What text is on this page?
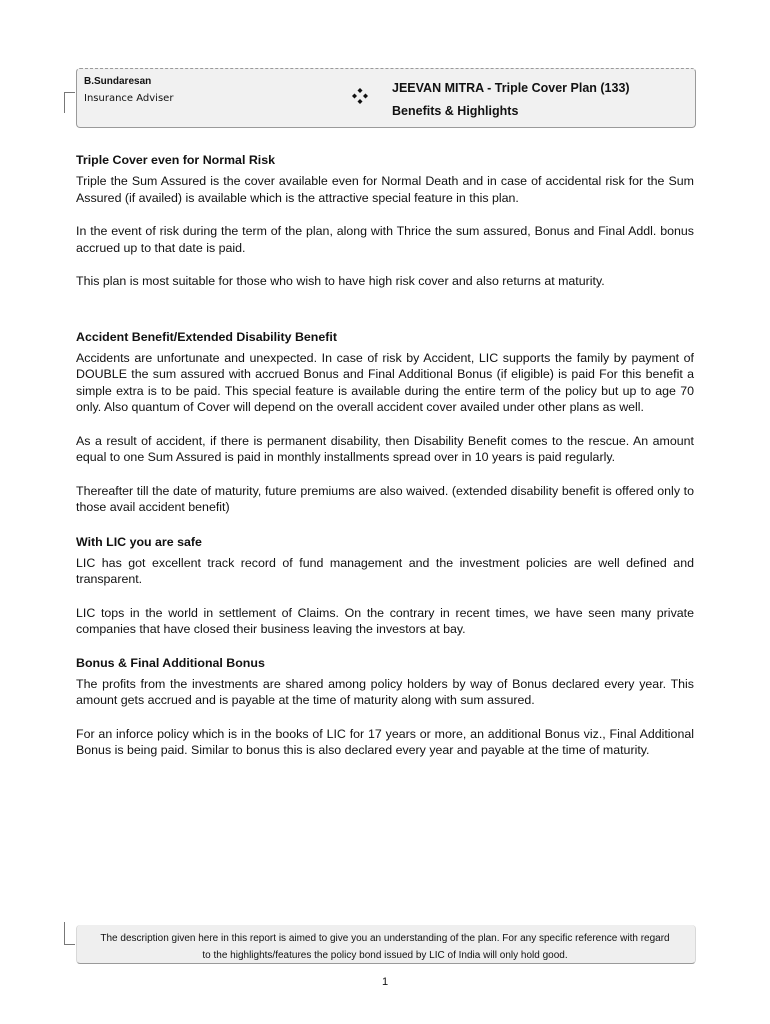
B.Sundaresan
Insurance Adviser
JEEVAN MITRA - Triple Cover Plan (133)
Benefits & Highlights
Triple Cover even for Normal Risk

Triple the Sum Assured is the cover available even for Normal Death and in case of accidental risk for the Sum Assured (if availed) is available which is the attractive special feature in this plan.

In the event of risk during the term of the plan, along with Thrice the sum assured, Bonus and Final Addl. bonus accrued up to that date is paid.

This plan is most suitable for those who wish to have high risk cover and also returns at maturity.

Accident Benefit/Extended Disability Benefit

Accidents are unfortunate and unexpected. In case of risk by Accident, LIC supports the family by payment of DOUBLE the sum assured with accrued Bonus and Final Additional Bonus (if eligible) is paid For this benefit a simple extra is to be paid. This special feature is available during the entire term of the policy but up to age 70 only. Also quantum of Cover will depend on the overall accident cover availed under other plans as well.

As a result of accident, if there is permanent disability, then Disability Benefit comes to the rescue. An amount equal to one Sum Assured is paid in monthly installments spread over in 10 years is paid regularly.

Thereafter till the date of maturity, future premiums are also waived. (extended disability benefit is offered only to those avail accident benefit)

With LIC you are safe

LIC has got excellent track record of fund management and the investment policies are well defined and transparent.

LIC tops in the world in settlement of Claims. On the contrary in recent times, we have seen many private companies that have closed their business leaving the investors at bay.

Bonus & Final Additional Bonus

The profits from the investments are shared among policy holders by way of Bonus declared every year. This amount gets accrued and is payable at the time of maturity along with sum assured.

For an inforce policy which is in the books of LIC for 17 years or more, an additional Bonus viz., Final Additional Bonus is being paid. Similar to bonus this is also declared every year and payable at the time of maturity.

The description given here in this report is aimed to give you an understanding of the plan. For any specific reference with regard to the highlights/features the policy bond issued by LIC of India will only hold good.
1
